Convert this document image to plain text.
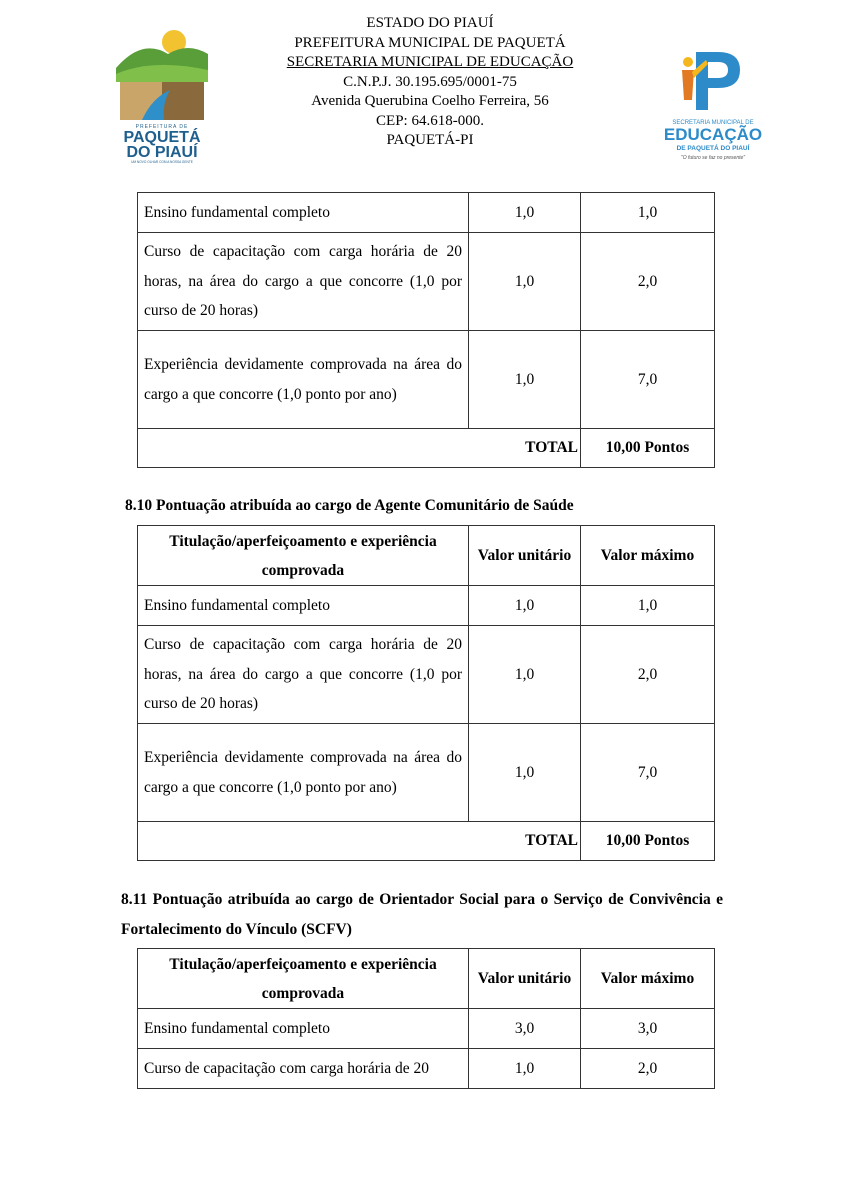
PREFEITURA DE
PAQUETÁ
DO PIAUÍ
UM NOVO OLHAR COM A NOSSA GENTE
ESTADO DO PIAUÍ
PREFEITURA MUNICIPAL DE PAQUETÁ
SECRETARIA MUNICIPAL DE EDUCAÇÃO
C.N.P.J. 30.195.695/0001-75
Avenida Querubina Coelho Ferreira, 56
CEP: 64.618-000.
PAQUETÁ-PI
SECRETARIA MUNICIPAL DE
EDUCAÇÃO
DE PAQUETÁ DO PIAUÍ
"O futuro se faz no presente"
Ensino fundamental completo	1,0	1,0
Curso de capacitação com carga horária de 20 horas, na área do cargo a que concorre (1,0 por curso de 20 horas)	1,0	2,0
Experiência devidamente comprovada na área do cargo a que concorre (1,0 ponto por ano)	1,0	7,0
TOTAL		10,00 Pontos
8.10 Pontuação atribuída ao cargo de Agente Comunitário de Saúde
Titulação/aperfeiçoamento e experiência comprovada	Valor unitário	Valor máximo
Ensino fundamental completo	1,0	1,0
Curso de capacitação com carga horária de 20 horas, na área do cargo a que concorre (1,0 por curso de 20 horas)	1,0	2,0
Experiência devidamente comprovada na área do cargo a que concorre (1,0 ponto por ano)	1,0	7,0
TOTAL		10,00 Pontos
8.11 Pontuação atribuída ao cargo de Orientador Social para o Serviço de Convivência e Fortalecimento do Vínculo (SCFV)
Titulação/aperfeiçoamento e experiência comprovada	Valor unitário	Valor máximo
Ensino fundamental completo	3,0	3,0
Curso de capacitação com carga horária de 20	1,0	2,0
